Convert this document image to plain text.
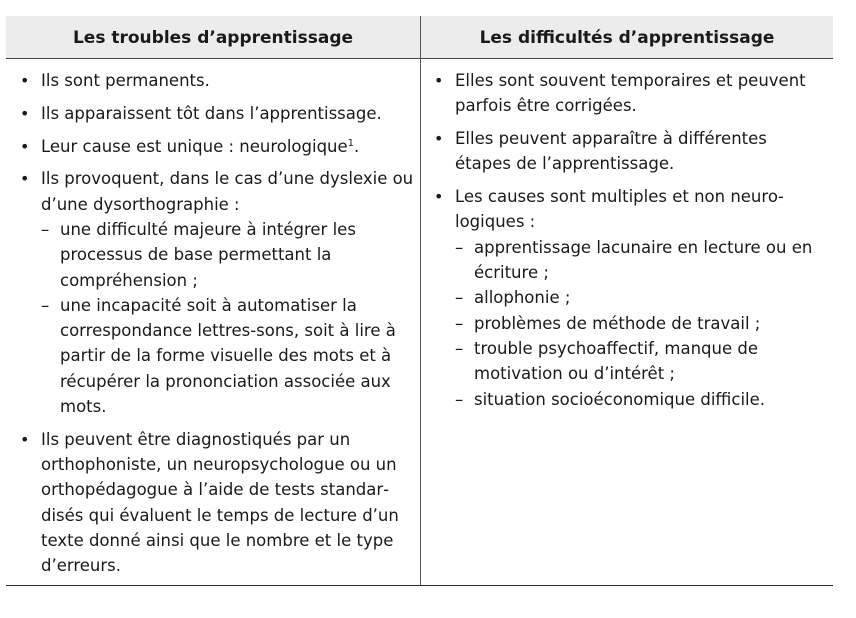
Les troubles d’apprentissage	Les difficultés d’apprentissage
• Ils sont permanents.
• Ils apparaissent tôt dans l’apprentissage.
• Leur cause est unique : neurologique$^1$.
• Ils provoquent, dans le cas d’une dyslexie ou d’une dysorthographie :
– une difficulté majeure à intégrer les processus de base permettant la compréhension ;
– une incapacité soit à automatiser la correspondance lettres-sons, soit à lire à partir de la forme visuelle des mots et à récupérer la prononciation associée aux mots.
• Ils peuvent être diagnostiqués par un orthophoniste, un neuropsychologue ou un orthopédagogue à l’aide de tests standardisés qui évaluent le temps de lecture d’un texte donné ainsi que le nombre et le type d’erreurs.
• Elles sont souvent temporaires et peuvent parfois être corrigées.
• Elles peuvent apparaître à différentes étapes de l’apprentissage.
• Les causes sont multiples et non neurologiques :
– apprentissage lacunaire en lecture ou en écriture ;
– allophonie ;
– problèmes de méthode de travail ;
– trouble psychoaffectif, manque de motivation ou d’intérêt ;
– situation socioéconomique difficile.
